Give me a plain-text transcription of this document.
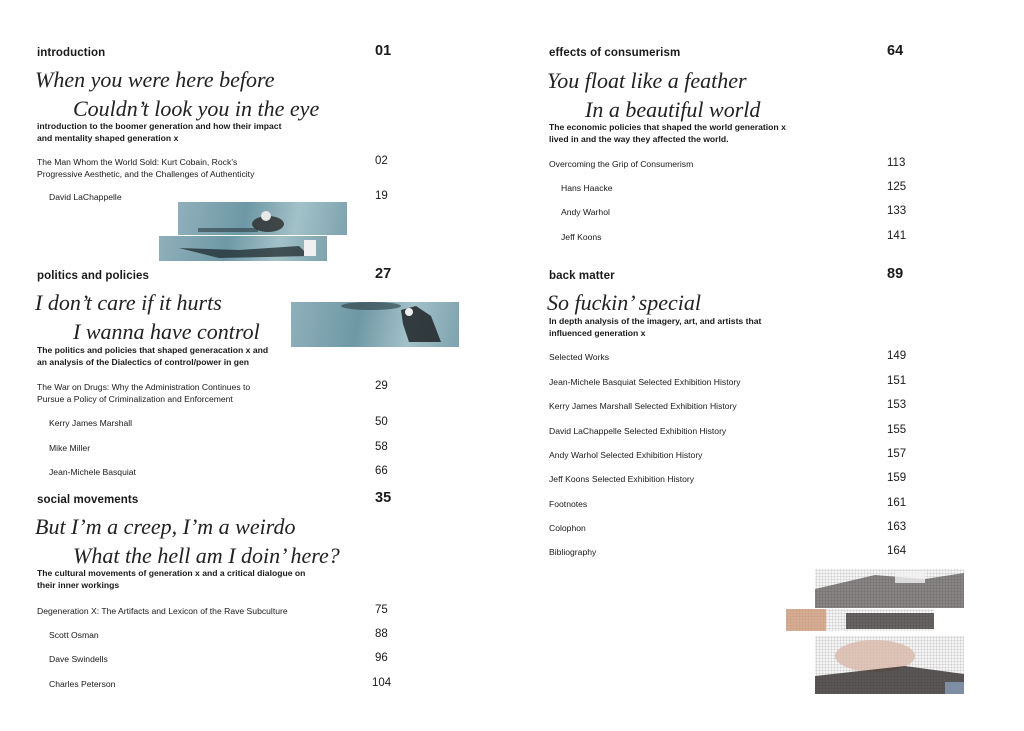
introduction	01
When you were here before
Couldn’t look you in the eye
introduction to the boomer generation and how their impact
and mentality shaped generation x
The Man Whom the World Sold: Kurt Cobain, Rock’s
Progressive Aesthetic, and the Challenges of Authenticity
02
David LaChappelle	19
politics and policies	27
I don’t care if it hurts
I wanna have control
The politics and policies that shaped generacation x and
an analysis of the Dialectics of control/power in gen
The War on Drugs: Why the Administration Continues to
Pursue a Policy of Criminalization and Enforcement
29
Kerry James Marshall	50
Mike Miller	58
Jean-Michele Basquiat	66
social movements	35
But I’m a creep, I’m a weirdo
What the hell am I doin’ here?
The cultural movements of generation x and a critical dialogue on
their inner workings
Degeneration X: The Artifacts and Lexicon of the Rave Subculture	75
Scott Osman	88
Dave Swindells	96
Charles Peterson	104
effects of consumerism	64
You float like a feather
In a beautiful world
The economic policies that shaped the world generation x
lived in and the way they affected the world.
Overcoming the Grip of Consumerism	113
Hans Haacke	125
Andy Warhol	133
Jeff Koons	141
back matter	89
So fuckin’ special
In depth analysis of the imagery, art, and artists that
influenced generation x
Selected Works	149
Jean-Michele Basquiat Selected Exhibition History	151
Kerry James Marshall Selected Exhibition History	153
David LaChappelle Selected Exhibition History	155
Andy Warhol Selected Exhibition History	157
Jeff Koons Selected Exhibition History	159
Footnotes	161
Colophon	163
Bibliography	164
